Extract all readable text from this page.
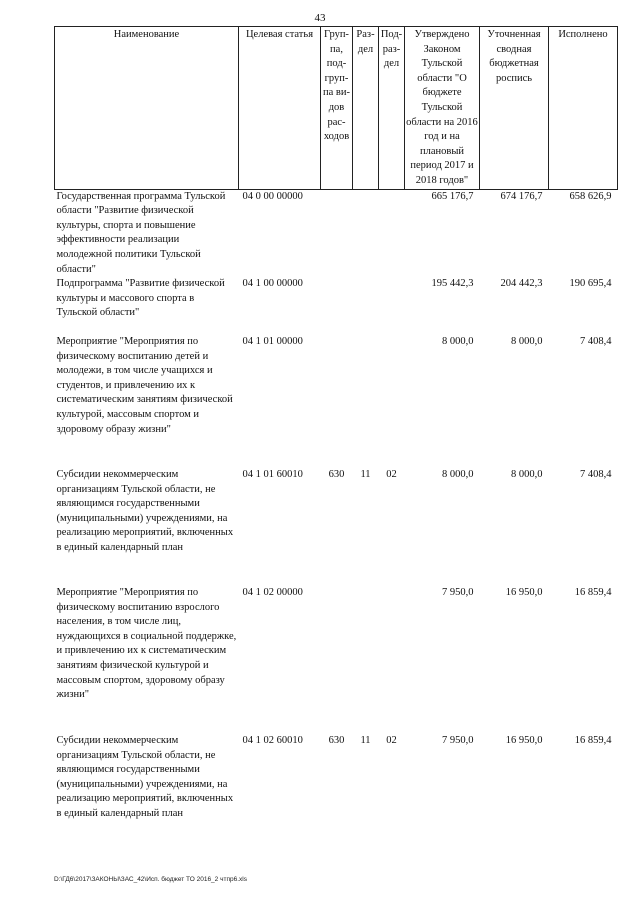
43
Наименование	Целевая статья	Груп-па, под-груп-па ви-дов рас-ходов	Раз-дел	Под-раз-дел	Утверждено Законом Тульской области "О бюджете Тульской области на 2016 год и на плановый период 2017 и 2018 годов"	Уточненная сводная бюджетная роспись	Исполнено
Государственная программа Тульской области "Развитие физической культуры, спорта и повышение эффективности реализации молодежной политики Тульской области"	04 0 00 00000				665 176,7	674 176,7	658 626,9
Подпрограмма "Развитие физической культуры и массового спорта в Тульской области"	04 1 00 00000				195 442,3	204 442,3	190 695,4
Мероприятие "Мероприятия по физическому воспитанию детей и молодежи, в том числе учащихся и студентов, и привлечению их к систематическим занятиям физической культурой, массовым спортом и здоровому образу жизни"	04 1 01 00000				8 000,0	8 000,0	7 408,4
Субсидии некоммерческим организациям Тульской области, не являющимся государственными (муниципальными) учреждениями, на реализацию мероприятий, включенных в единый календарный план	04 1 01 60010	630	11	02	8 000,0	8 000,0	7 408,4
Мероприятие "Мероприятия по физическому воспитанию взрослого населения, в том числе лиц, нуждающихся в социальной поддержке, и привлечению их к систематическим занятиям физической культурой и массовым спортом, здоровому образу жизни"	04 1 02 00000				7 950,0	16 950,0	16 859,4
Субсидии некоммерческим организациям Тульской области, не являющимся государственными (муниципальными) учреждениями, на реализацию мероприятий, включенных в единый календарный план	04 1 02 60010	630	11	02	7 950,0	16 950,0	16 859,4
D:\ГД6\2017\ЗАКОНЫ\ЗАС_42\Исп. бюджет ТО 2016_2 чтпр6.xls
